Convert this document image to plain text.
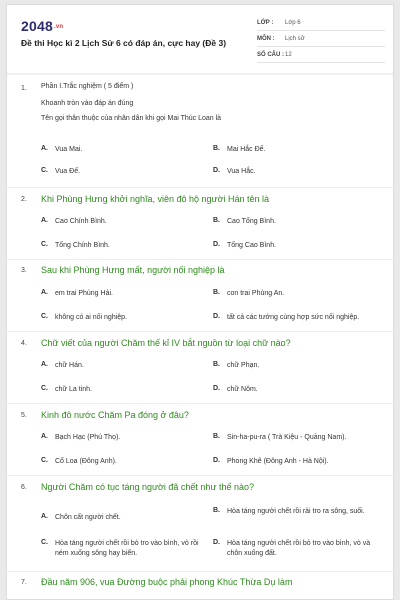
2048.vn
Đề thi Học kì 2 Lịch Sử 6 có đáp án, cực hay (Đề 3)
LỚP :	Lớp 6
MÔN :	Lịch sử
SỐ CÂU : 12
1.	Phần I.Trắc nghiệm ( 5 điểm )
Khoanh tròn vào đáp án đúng
Tên gọi thân thuộc của nhân dân khi gọi Mai Thúc Loan là
A.	Vua Mai.	B.	Mai Hắc Đế.
C.	Vua Đế.	D.	Vua Hắc.
2.	Khi Phùng Hưng khởi nghĩa, viên đô hộ người Hán tên là
A.	Cao Chính Bình.	B.	Cao Tống Bình.
C.	Tống Chính Bình.	D.	Tống Cao Bình.
3.	Sau khi Phùng Hưng mất, người nối nghiệp là
A.	em trai Phùng Hải.	B.	con trai Phùng An.
C.	không có ai nối nghiệp.	D.	tất cả các tướng cùng hợp sức nối nghiệp.
4.	Chữ viết của người Chăm thế kỉ IV bắt nguồn từ loại chữ nào?
A.	chữ Hán.	B.	chữ Phạn.
C.	chữ La tinh.	D.	chữ Nôm.
5.	Kinh đô nước Chăm Pa đóng ở đâu?
A.	Bạch Hạc (Phú Thọ).	B.	Sin-ha-pu-ra ( Trà Kiệu - Quảng Nam).
C.	Cổ Loa (Đông Anh).	D.	Phong Khê (Đông Anh - Hà Nội).
6.	Người Chăm có tục táng người đã chết như thế nào?
A.	Chôn cất người chết.
B.	Hỏa táng người chết rồi rải tro ra sông, suối.
C.	Hỏa táng người chết rồi bỏ tro vào bình, vò rồi ném xuống sông hay biển.
D.	Hỏa táng người chết rồi bỏ tro vào bình, vò và chôn xuống đất.
7.	Đầu năm 906, vua Đường buộc phải phong Khúc Thừa Dụ làm
